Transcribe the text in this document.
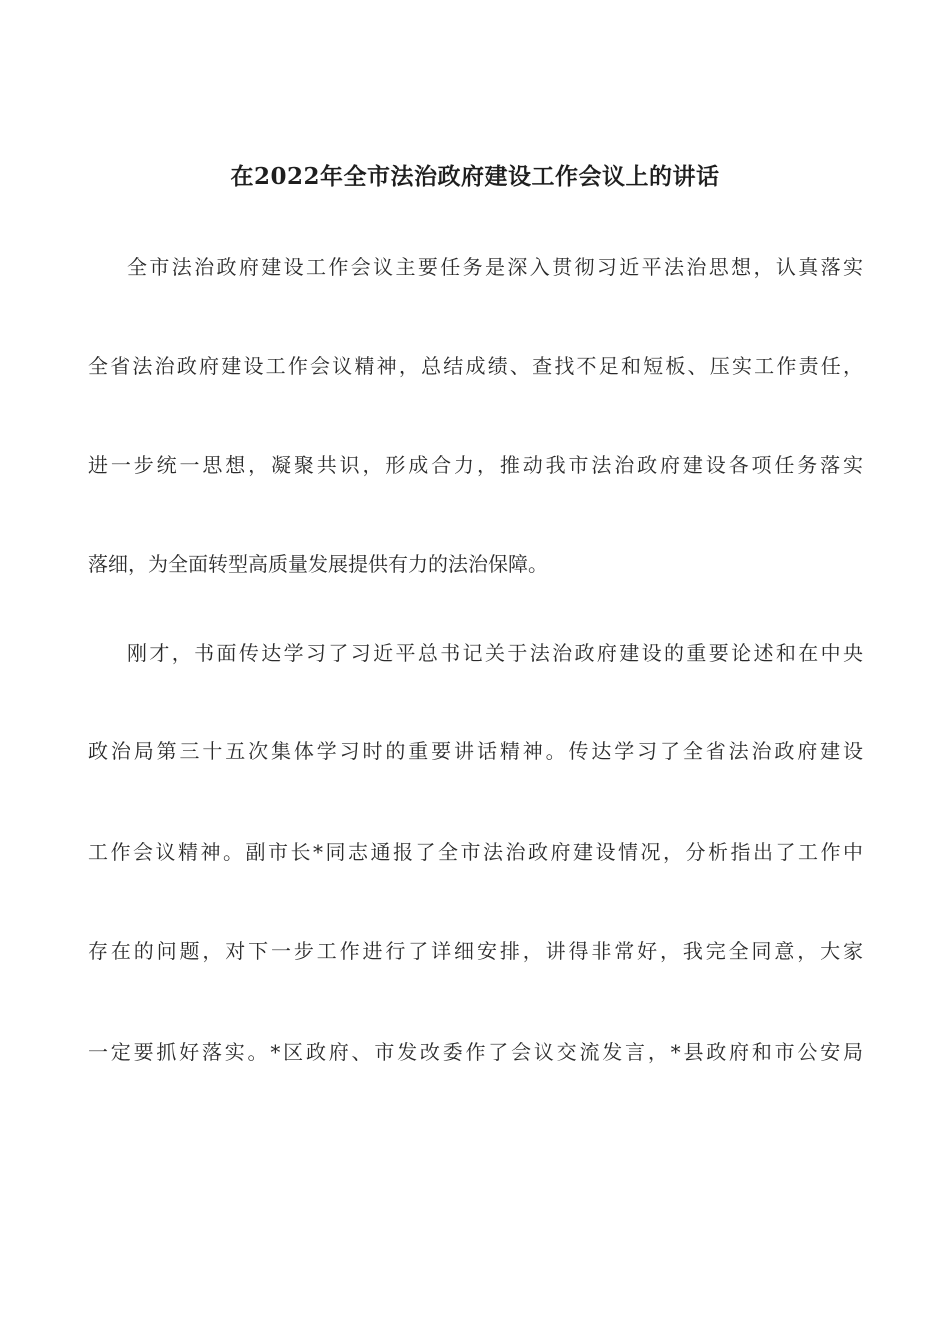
在2022年全市法治政府建设工作会议上的讲话
全市法治政府建设工作会议主要任务是深入贯彻习近平法治思想，认真落实
全省法治政府建设工作会议精神，总结成绩、查找不足和短板、压实工作责任，
进一步统一思想，凝聚共识，形成合力，推动我市法治政府建设各项任务落实
落细，为全面转型高质量发展提供有力的法治保障。
刚才，书面传达学习了习近平总书记关于法治政府建设的重要论述和在中央
政治局第三十五次集体学习时的重要讲话精神。传达学习了全省法治政府建设
工作会议精神。副市长*同志通报了全市法治政府建设情况，分析指出了工作中
存在的问题，对下一步工作进行了详细安排，讲得非常好，我完全同意，大家
一定要抓好落实。*区政府、市发改委作了会议交流发言，*县政府和市公安局
